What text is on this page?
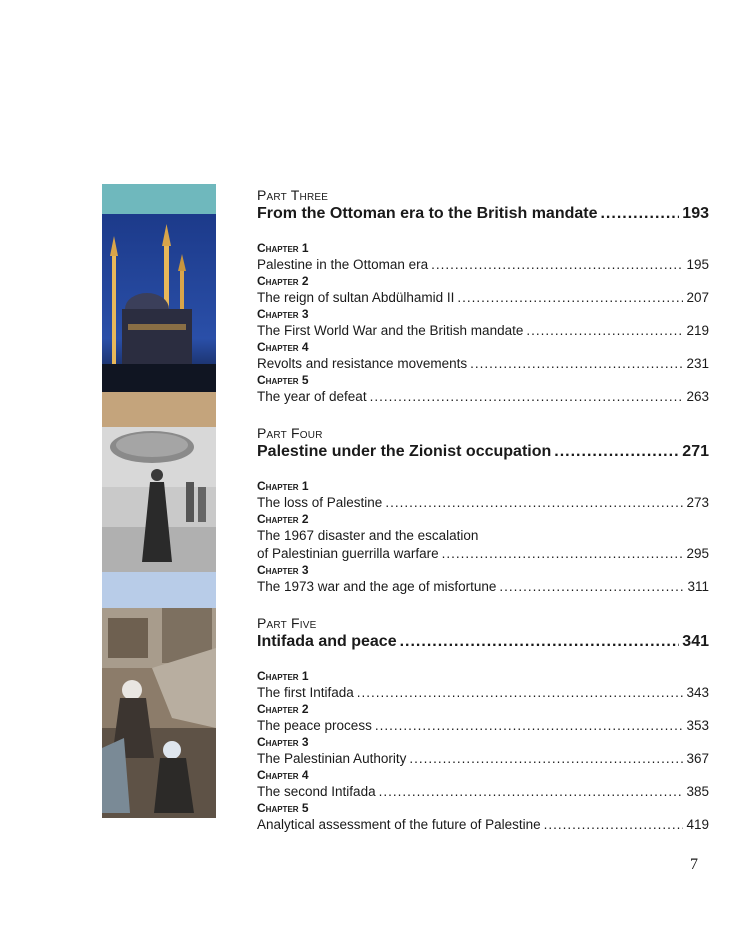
Part Three
From the Ottoman era to the British mandate .....	193
Chapter 1
Palestine in the Ottoman era .....	195
Chapter 2
The reign of sultan Abdülhamid II .....	207
Chapter 3
The First World War and the British mandate .....	219
Chapter 4
Revolts and resistance movements .....	231
Chapter 5
The year of defeat .....	263
Part Four
Palestine under the Zionist occupation .....	271
Chapter 1
The loss of Palestine .....	273
Chapter 2
The 1967 disaster and the escalation
of Palestinian guerrilla warfare .....	295
Chapter 3
The 1973 war and the age of misfortune .....	311
Part Five
Intifada and peace .....	341
Chapter 1
The first Intifada .....	343
Chapter 2
The peace process .....	353
Chapter 3
The Palestinian Authority .....	367
Chapter 4
The second Intifada .....	385
Chapter 5
Analytical assessment of the future of Palestine .....	419
7
